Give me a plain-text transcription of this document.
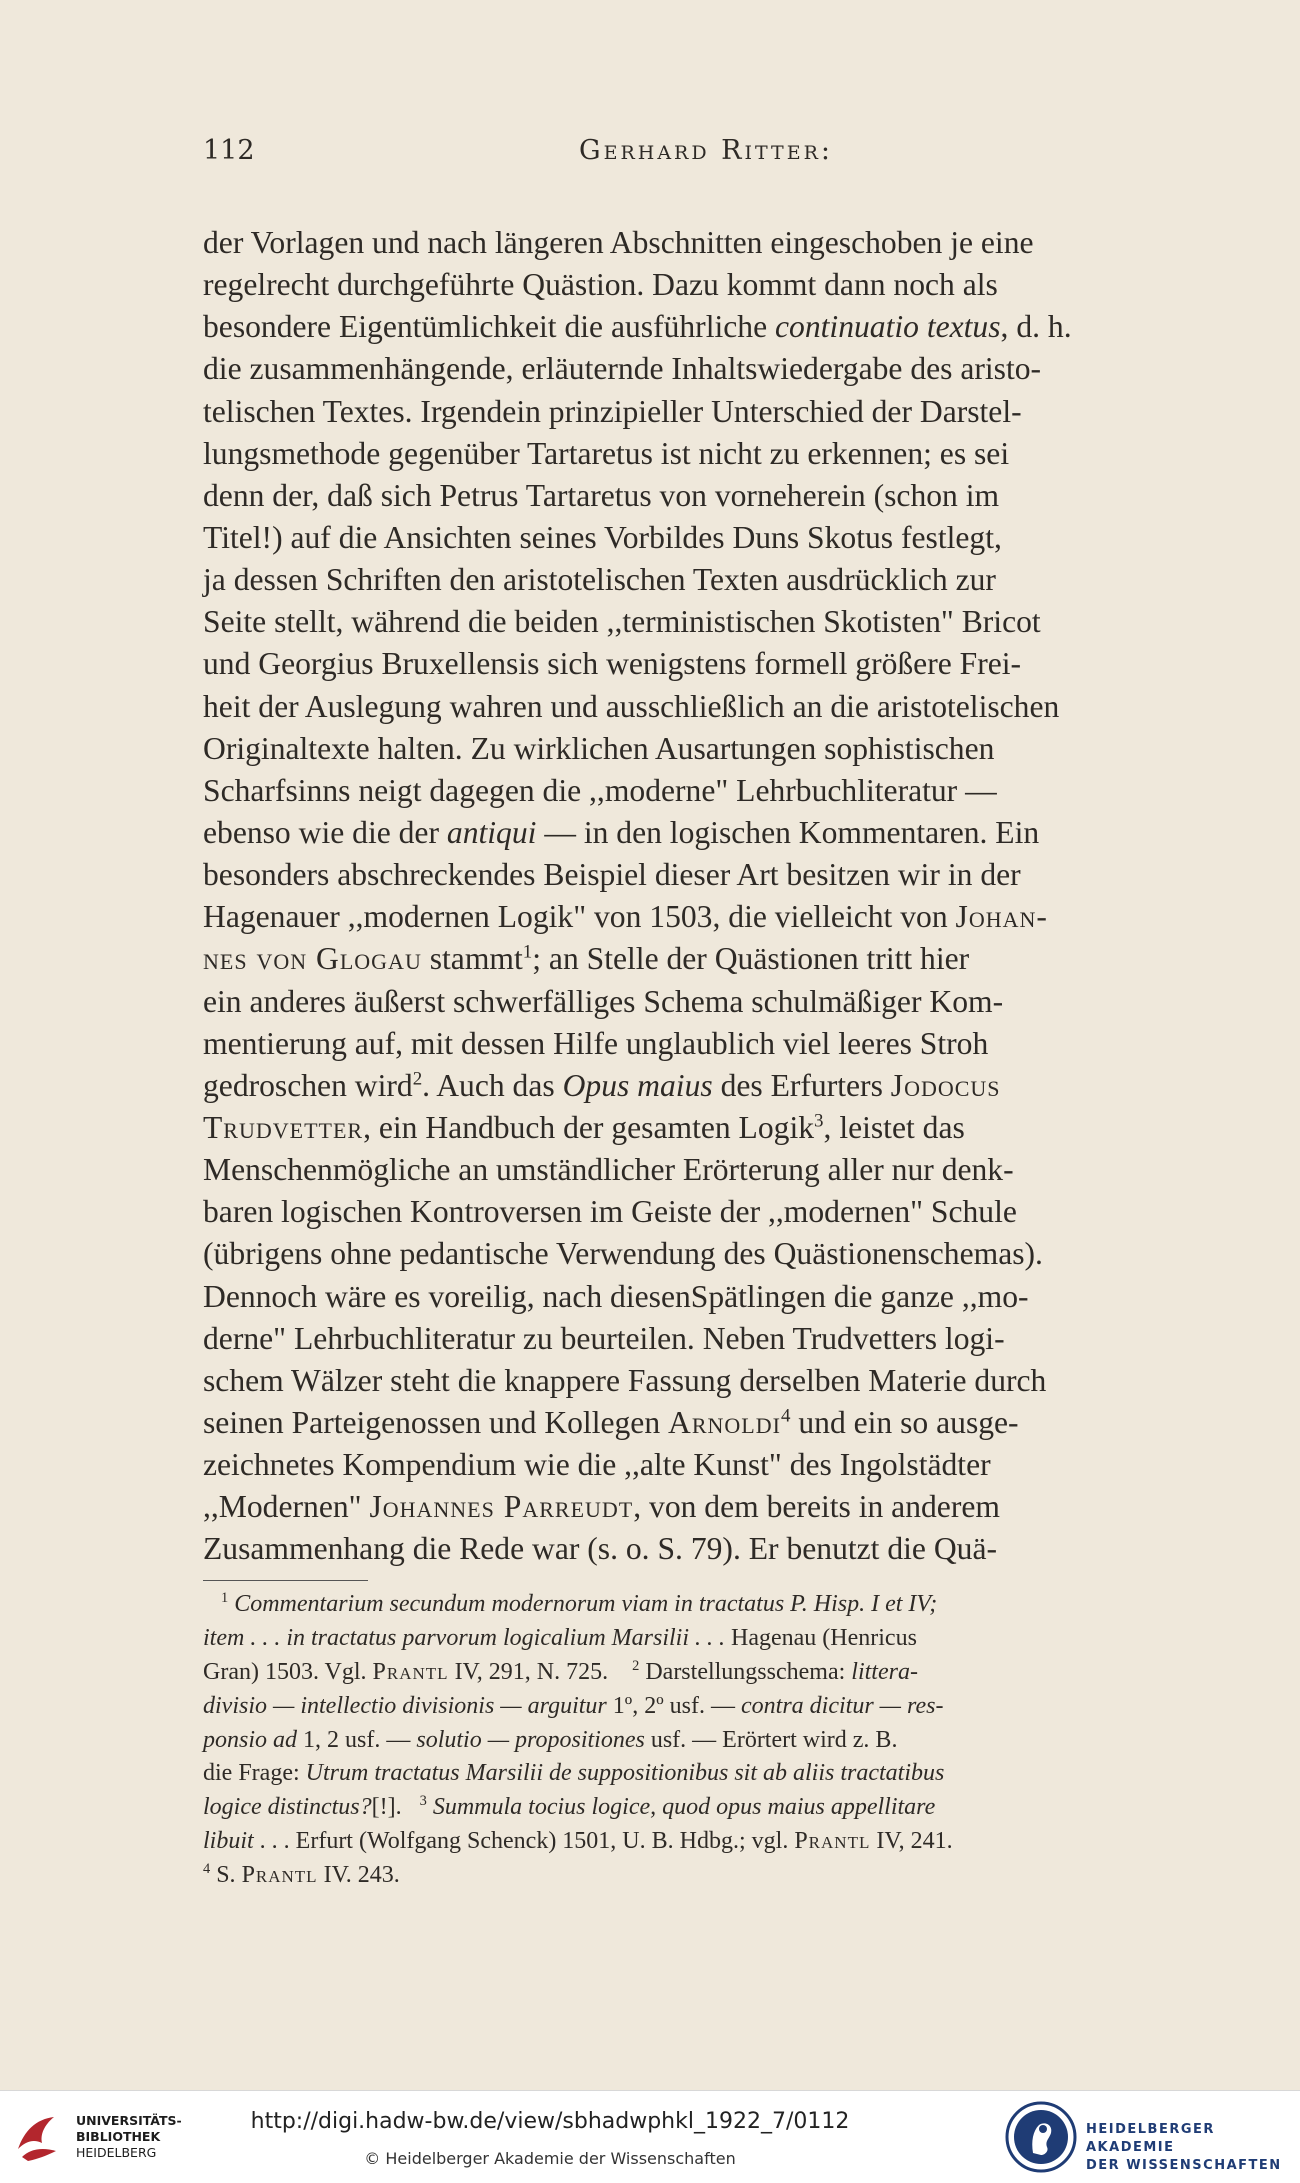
112	Gerhard Ritter:
der Vorlagen und nach längeren Abschnitten eingeschoben je eine
regelrecht durchgeführte Quästion. Dazu kommt dann noch als
besondere Eigentümlichkeit die ausführliche continuatio textus, d. h.
die zusammenhängende, erläuternde Inhaltswiedergabe des aristo-
telischen Textes. Irgendein prinzipieller Unterschied der Darstel-
lungsmethode gegenüber Tartaretus ist nicht zu erkennen; es sei
denn der, daß sich Petrus Tartaretus von vorneherein (schon im
Titel!) auf die Ansichten seines Vorbildes Duns Skotus festlegt,
ja dessen Schriften den aristotelischen Texten ausdrücklich zur
Seite stellt, während die beiden ,,terministischen Skotisten" Bricot
und Georgius Bruxellensis sich wenigstens formell größere Frei-
heit der Auslegung wahren und ausschließlich an die aristotelischen
Originaltexte halten. Zu wirklichen Ausartungen sophistischen
Scharfsinns neigt dagegen die ,,moderne" Lehrbuchliteratur —
ebenso wie die der antiqui — in den logischen Kommentaren. Ein
besonders abschreckendes Beispiel dieser Art besitzen wir in der
Hagenauer ,,modernen Logik" von 1503, die vielleicht von Johan-
nes von Glogau stammt$^1$; an Stelle der Quästionen tritt hier
ein anderes äußerst schwerfälliges Schema schulmäßiger Kom-
mentierung auf, mit dessen Hilfe unglaublich viel leeres Stroh
gedroschen wird$^2$. Auch das Opus maius des Erfurters Jodocus
Trudvetter, ein Handbuch der gesamten Logik$^3$, leistet das
Menschenmögliche an umständlicher Erörterung aller nur denk-
baren logischen Kontroversen im Geiste der ,,modernen" Schule
(übrigens ohne pedantische Verwendung des Quästionenschemas).
Dennoch wäre es voreilig, nach diesenSpätlingen die ganze ,,mo-
derne" Lehrbuchliteratur zu beurteilen. Neben Trudvetters logi-
schem Wälzer steht die knappere Fassung derselben Materie durch
seinen Parteigenossen und Kollegen Arnoldi$^4$ und ein so ausge-
zeichnetes Kompendium wie die ,,alte Kunst" des Ingolstädter
,,Modernen" Johannes Parreudt, von dem bereits in anderem
Zusammenhang die Rede war (s. o. S. 79). Er benutzt die Quä-
$^1$ Commentarium secundum modernorum viam in tractatus P. Hisp. I et IV;
item . . . in tractatus parvorum logicalium Marsilii . . . Hagenau (Henricus
Gran) 1503. Vgl. Prantl IV, 291, N. 725. $^2$ Darstellungsschema: littera-
divisio — intellectio divisionis — arguitur 1º, 2º usf. — contra dicitur — res-
ponsio ad 1, 2 usf. — solutio — propositiones usf. — Erörtert wird z. B.
die Frage: Utrum tractatus Marsilii de suppositionibus sit ab aliis tractatibus
logice distinctus?[!]. $^3$ Summula tocius logice, quod opus maius appellitare
libuit . . . Erfurt (Wolfgang Schenck) 1501, U. B. Hdbg.; vgl. Prantl IV, 241.
$^4$ S. Prantl IV. 243.
UNIVERSITÄTS-
BIBLIOTHEK
HEIDELBERG
http://digi.hadw-bw.de/view/sbhadwphkl_1922_7/0112
© Heidelberger Akademie der Wissenschaften
HEIDELBERGER AKADEMIE
DER WISSENSCHAFTEN
